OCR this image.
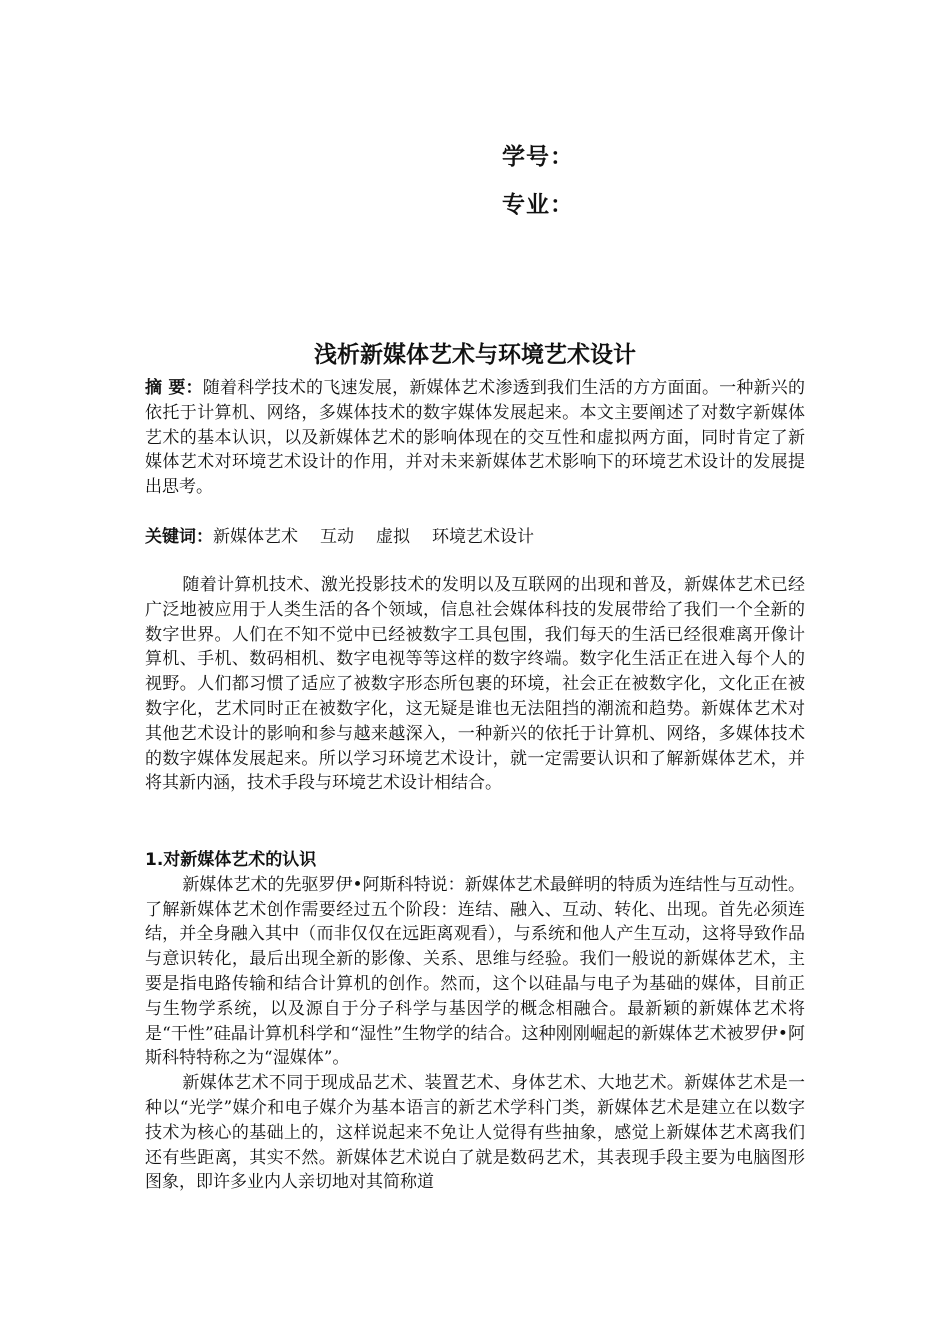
学号：
专业：
浅析新媒体艺术与环境艺术设计

摘 要：随着科学技术的飞速发展，新媒体艺术渗透到我们生活的方方面面。一种新兴的依托于计算机、网络，多媒体技术的数字媒体发展起来。本文主要阐述了对数字新媒体艺术的基本认识，以及新媒体艺术的影响体现在的交互性和虚拟两方面，同时肯定了新媒体艺术对环境艺术设计的作用，并对未来新媒体艺术影响下的环境艺术设计的发展提出思考。

关键词：新媒体艺术 互动 虚拟 环境艺术设计

随着计算机技术、激光投影技术的发明以及互联网的出现和普及，新媒体艺术已经广泛地被应用于人类生活的各个领域，信息社会媒体科技的发展带给了我们一个全新的数字世界。人们在不知不觉中已经被数字工具包围，我们每天的生活已经很难离开像计算机、手机、数码相机、数字电视等等这样的数字终端。数字化生活正在进入每个人的视野。人们都习惯了适应了被数字形态所包裹的环境，社会正在被数字化，文化正在被数字化，艺术同时正在被数字化，这无疑是谁也无法阻挡的潮流和趋势。新媒体艺术对其他艺术设计的影响和参与越来越深入，一种新兴的依托于计算机、网络，多媒体技术的数字媒体发展起来。所以学习环境艺术设计，就一定需要认识和了解新媒体艺术，并将其新内涵，技术手段与环境艺术设计相结合。

1.对新媒体艺术的认识

新媒体艺术的先驱罗伊•阿斯科特说：新媒体艺术最鲜明的特质为连结性与互动性。了解新媒体艺术创作需要经过五个阶段：连结、融入、互动、转化、出现。首先必须连结，并全身融入其中（而非仅仅在远距离观看），与系统和他人产生互动，这将导致作品与意识转化，最后出现全新的影像、关系、思维与经验。我们一般说的新媒体艺术，主要是指电路传输和结合计算机的创作。然而，这个以硅晶与电子为基础的媒体，目前正与生物学系统，以及源自于分子科学与基因学的概念相融合。最新颖的新媒体艺术将是“干性”硅晶计算机科学和“湿性”生物学的结合。这种刚刚崛起的新媒体艺术被罗伊•阿斯科特特称之为“湿媒体”。

新媒体艺术不同于现成品艺术、装置艺术、身体艺术、大地艺术。新媒体艺术是一种以“光学”媒介和电子媒介为基本语言的新艺术学科门类，新媒体艺术是建立在以数字技术为核心的基础上的，这样说起来不免让人觉得有些抽象，感觉上新媒体艺术离我们还有些距离，其实不然。新媒体艺术说白了就是数码艺术，其表现手段主要为电脑图形图象，即许多业内人亲切地对其简称道
